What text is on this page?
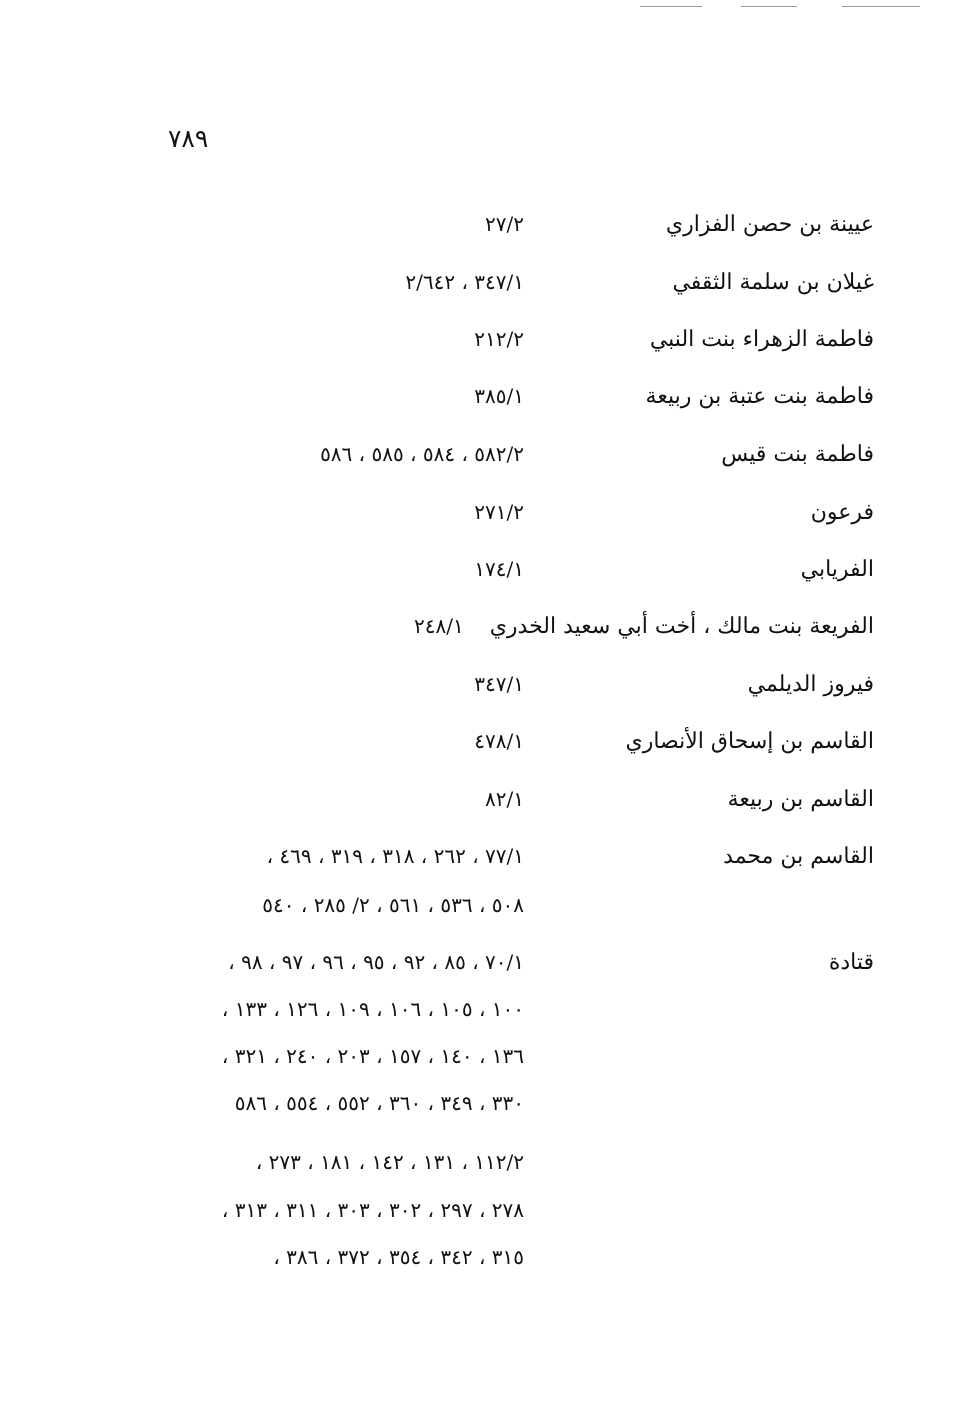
٧٨٩
عيينة بن حصن الفزاري
٢٧/٢
غيلان بن سلمة الثقفي
٣٤٧/١ ، ٢/٦٤٢
فاطمة الزهراء بنت النبي
٢١٢/٢
فاطمة بنت عتبة بن ربيعة
٣٨٥/١
فاطمة بنت قيس
٥٨٢/٢ ، ٥٨٤ ، ٥٨٥ ، ٥٨٦
فرعون
٢٧١/٢
الفريابي
١٧٤/١
الفريعة بنت مالك ، أخت أبي سعيد الخدري٢٤٨/١
فيروز الديلمي
٣٤٧/١
القاسم بن إسحاق الأنصاري
٤٧٨/١
القاسم بن ربيعة
٨٢/١
القاسم بن محمد
٧٧/١ ، ٢٦٢ ، ٣١٨ ، ٣١٩ ، ٤٦٩ ،
٥٠٨ ، ٥٣٦ ، ٥٦١ ، ٢/ ٢٨٥ ، ٥٤٠
قتادة
٧٠/١ ، ٨٥ ، ٩٢ ، ٩٥ ، ٩٦ ، ٩٧ ، ٩٨ ،
١٠٠ ، ١٠٥ ، ١٠٦ ، ١٠٩ ، ١٢٦ ، ١٣٣ ،
١٣٦ ، ١٤٠ ، ١٥٧ ، ٢٠٣ ، ٢٤٠ ، ٣٢١ ،
٣٣٠ ، ٣٤٩ ، ٣٦٠ ، ٥٥٢ ، ٥٥٤ ، ٥٨٦
١١٢/٢ ، ١٣١ ، ١٤٢ ، ١٨١ ، ٢٧٣ ،
٢٧٨ ، ٢٩٧ ، ٣٠٢ ، ٣٠٣ ، ٣١١ ، ٣١٣ ،
٣١٥ ، ٣٤٢ ، ٣٥٤ ، ٣٧٢ ، ٣٨٦ ،
